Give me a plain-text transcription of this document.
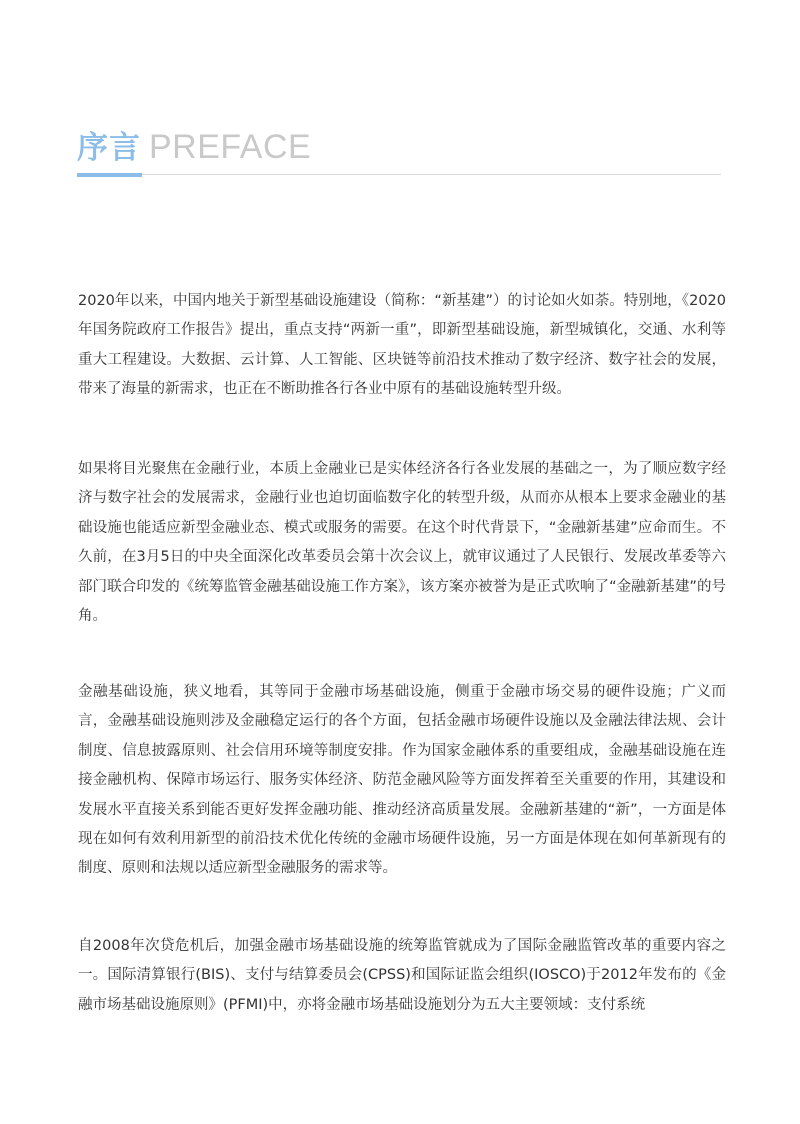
序言 PREFACE

2020年以来，中国内地关于新型基础设施建设（简称：“新基建”）的讨论如火如荼。特别地，《2020年国务院政府工作报告》提出，重点支持“两新一重”，即新型基础设施，新型城镇化，交通、水利等重大工程建设。大数据、云计算、人工智能、区块链等前沿技术推动了数字经济、数字社会的发展，带来了海量的新需求，也正在不断助推各行各业中原有的基础设施转型升级。

如果将目光聚焦在金融行业，本质上金融业已是实体经济各行各业发展的基础之一，为了顺应数字经济与数字社会的发展需求，金融行业也迫切面临数字化的转型升级，从而亦从根本上要求金融业的基础设施也能适应新型金融业态、模式或服务的需要。在这个时代背景下，“金融新基建”应命而生。不久前，在3月5日的中央全面深化改革委员会第十次会议上，就审议通过了人民银行、发展改革委等六部门联合印发的《统筹监管金融基础设施工作方案》，该方案亦被誉为是正式吹响了“金融新基建”的号角。

金融基础设施，狭义地看，其等同于金融市场基础设施，侧重于金融市场交易的硬件设施；广义而言，金融基础设施则涉及金融稳定运行的各个方面，包括金融市场硬件设施以及金融法律法规、会计制度、信息披露原则、社会信用环境等制度安排。作为国家金融体系的重要组成，金融基础设施在连接金融机构、保障市场运行、服务实体经济、防范金融风险等方面发挥着至关重要的作用，其建设和发展水平直接关系到能否更好发挥金融功能、推动经济高质量发展。金融新基建的“新”，一方面是体现在如何有效利用新型的前沿技术优化传统的金融市场硬件设施，另一方面是体现在如何革新现有的制度、原则和法规以适应新型金融服务的需求等。

自2008年次贷危机后，加强金融市场基础设施的统筹监管就成为了国际金融监管改革的重要内容之一。国际清算银行(BIS)、支付与结算委员会(CPSS)和国际证监会组织(IOSCO)于2012年发布的《金融市场基础设施原则》(PFMI)中，亦将金融市场基础设施划分为五大主要领域：支付系统
